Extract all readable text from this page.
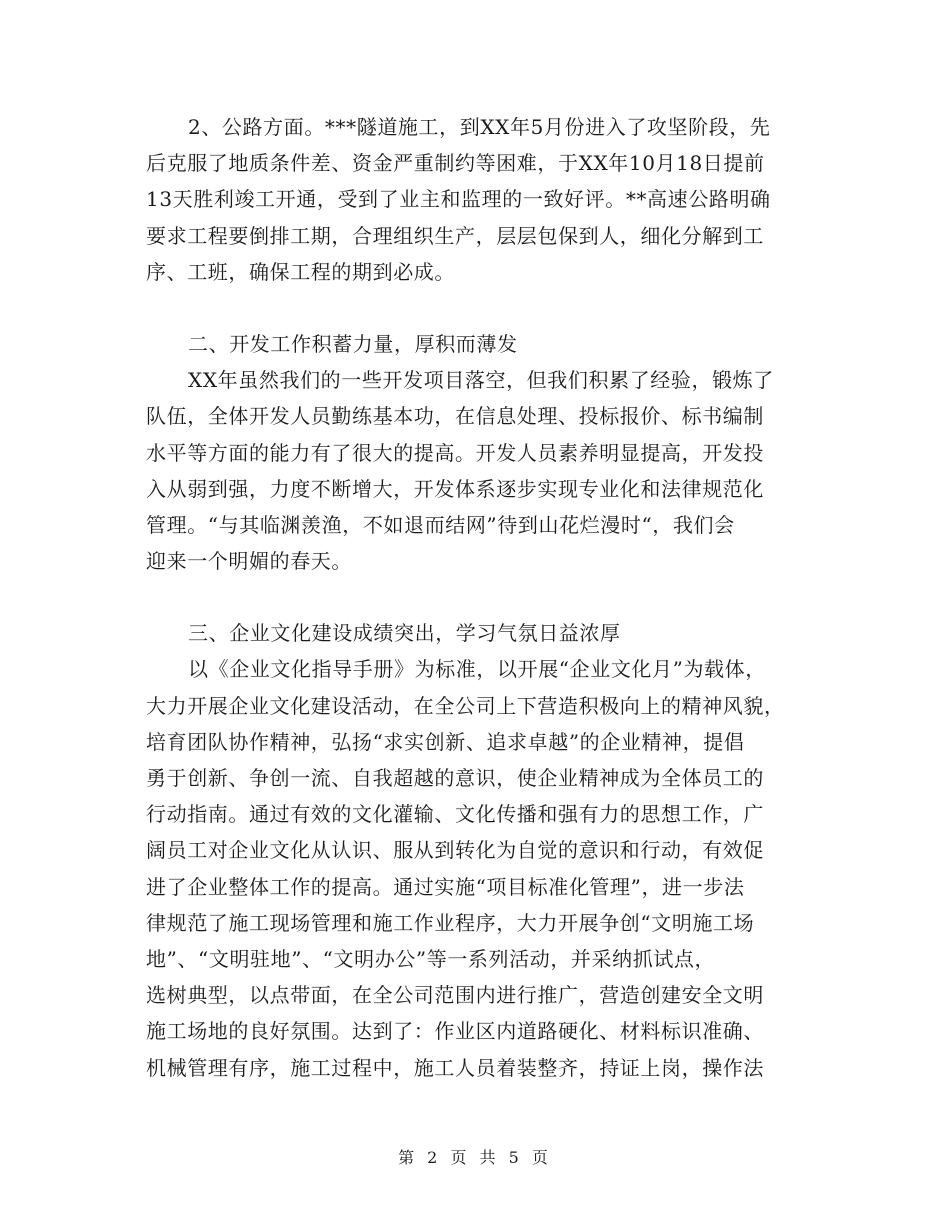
2、公路方面。***隧道施工，到XX年5月份进入了攻坚阶段，先
后克服了地质条件差、资金严重制约等困难，于XX年10月18日提前
13天胜利竣工开通，受到了业主和监理的一致好评。**高速公路明确
要求工程要倒排工期，合理组织生产，层层包保到人，细化分解到工
序、工班，确保工程的期到必成。
二、开发工作积蓄力量，厚积而薄发
XX年虽然我们的一些开发项目落空，但我们积累了经验，锻炼了
队伍，全体开发人员勤练基本功，在信息处理、投标报价、标书编制
水平等方面的能力有了很大的提高。开发人员素养明显提高，开发投
入从弱到强，力度不断增大，开发体系逐步实现专业化和法律规范化
管理。“与其临渊羡渔，不如退而结网”待到山花烂漫时“，我们会
迎来一个明媚的春天。
三、企业文化建设成绩突出，学习气氛日益浓厚
以《企业文化指导手册》为标准，以开展“企业文化月”为载体，
大力开展企业文化建设活动，在全公司上下营造积极向上的精神风貌，
培育团队协作精神，弘扬“求实创新、追求卓越”的企业精神，提倡
勇于创新、争创一流、自我超越的意识，使企业精神成为全体员工的
行动指南。通过有效的文化灌输、文化传播和强有力的思想工作，广
阔员工对企业文化从认识、服从到转化为自觉的意识和行动，有效促
进了企业整体工作的提高。通过实施“项目标准化管理”，进一步法
律规范了施工现场管理和施工作业程序，大力开展争创“文明施工场
地”、“文明驻地”、“文明办公”等一系列活动，并采纳抓试点，
选树典型，以点带面，在全公司范围内进行推广，营造创建安全文明
施工场地的良好氛围。达到了：作业区内道路硬化、材料标识准确、
机械管理有序，施工过程中，施工人员着装整齐，持证上岗，操作法
第 2 页 共 5 页
